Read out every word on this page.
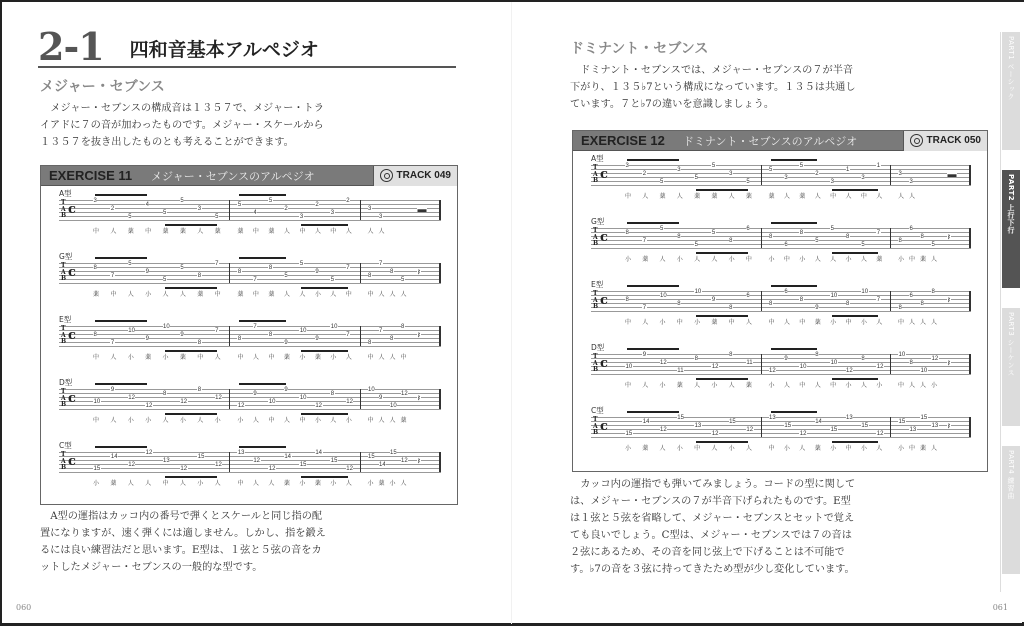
2-1 四和音基本アルペジオ
メジャー・セブンス

メジャー・セブンスの構成音は１３５７で、メジャー・トライアドに７の音が加わったものです。メジャー・スケールから１３５７を抜き出したものとも考えることができます。

EXERCISE 11	メジャー・セブンスのアルペジオ	TRACK 049
A型
T
A
B c
3
2
5
4
5
5
3
5
5
4
5
2
3
2
3
2
3
3
▬
中 人 薬 中 薬 薬 人 薬	薬 中 薬 人 中 人 中 人	人 人
G型
T
A
B c	8
7
5
9
5
5
8
7
8
7
8
5
5
9
5
7
8
7
8
5
𝄽
薬 中 人 小 人 人 薬 中	薬 中 薬 人 人 小 人 中	中 人 人 人
E型
T
A
B c	8
7
10
9
10
9
8
7
8
7
8
9
10
9
10
7
8
7
8
8
𝄽
中 人 小 薬 小 薬 中 人	中 人 中 薬 小 薬 小 人	中 人 人 中
D型
T
A
B c	10
9
12
12
8
12
8
12
12
9
10
9
10
12
8
12
10
9
10
12 𝄽
中 人 小 小 人 小 人 小	小 人 中 人 中 小 人 小	中 人 人 薬
C型
T
A
B c	15
14
12
12
13
12
15
12
13
12
12
14
15
14
15
12
15
14
15
12 𝄽
小 薬 人 人 中 人 小 人	中 人 人 薬 小 薬 小 人	小 薬 小 人

A型の運指はカッコ内の番号で弾くとスケールと同じ指の配置になりますが、速く弾くには適しません。しかし、指を鍛えるには良い練習法だと思います。E型は、１弦と５弦の音をカットしたメジャー・セブンスの一般的な型です。

060
ドミナント・セブンス

ドミナント・セブンスでは、メジャー・セブンスの７が半音下がり、１３５♭7という構成になっています。１３５は共通しています。７と♭7の違いを意識しましょう。

EXERCISE 12	ドミナント・セブンスのアルペジオ	TRACK 050
A型
T
A
B c
3
2
5
3
5
5
3
5
5
3
5
2
3
1
3
1
3
3
▬
中 人 薬 人 薬 薬 人 薬	薬 人 薬 人 中 人 中 人	人 人
G型
T
A
B c	8
7
5
8
5
5
8
6
8
6
8
5
5
8
5
7
8
6
8
5
𝄽
小 薬 人 小 人 人 小 中	小 中 小 人 人 小 人 薬	小 中 薬 人
E型
T
A
B c	8
7
10
8
10
9
8
6
8
6
8
9
10
8
10
7
8
6
8
8
𝄽
中 人 小 中 小 薬 中 人	中 人 中 薬 小 中 小 人	中 人 人 人
D型
T
A
B c	10
9
12
11
8
12
8
11
12
9
10
8
10
12
8
12
10
8
10
12 𝄽
中 人 小 薬 人 小 人 薬	小 人 中 人 中 小 人 小	中 人 人 小
C型
T
A
B c	15
14
12
15
13
12
15
12
13
15
12
14
15
13
15
12
15
13
15
13 𝄽
小 薬 人 小 中 人 小 人	中 小 人 薬 小 中 小 人	小 中 薬 人

カッコ内の運指でも弾いてみましょう。コードの型に関しては、メジャー・セブンスの７が半音下げられたものです。E型は１弦と５弦を省略して、メジャー・セブンスとセットで覚えても良いでしょう。C型は、メジャー・セブンスでは７の音は２弦にあるため、その音を同じ弦上で下げることは不可能です。♭7の音を３弦に持ってきたため型が少し変化しています。

PART1 ベーシック
PART2 上行下行
PART3 シーケンス
PART4 練習曲
061
